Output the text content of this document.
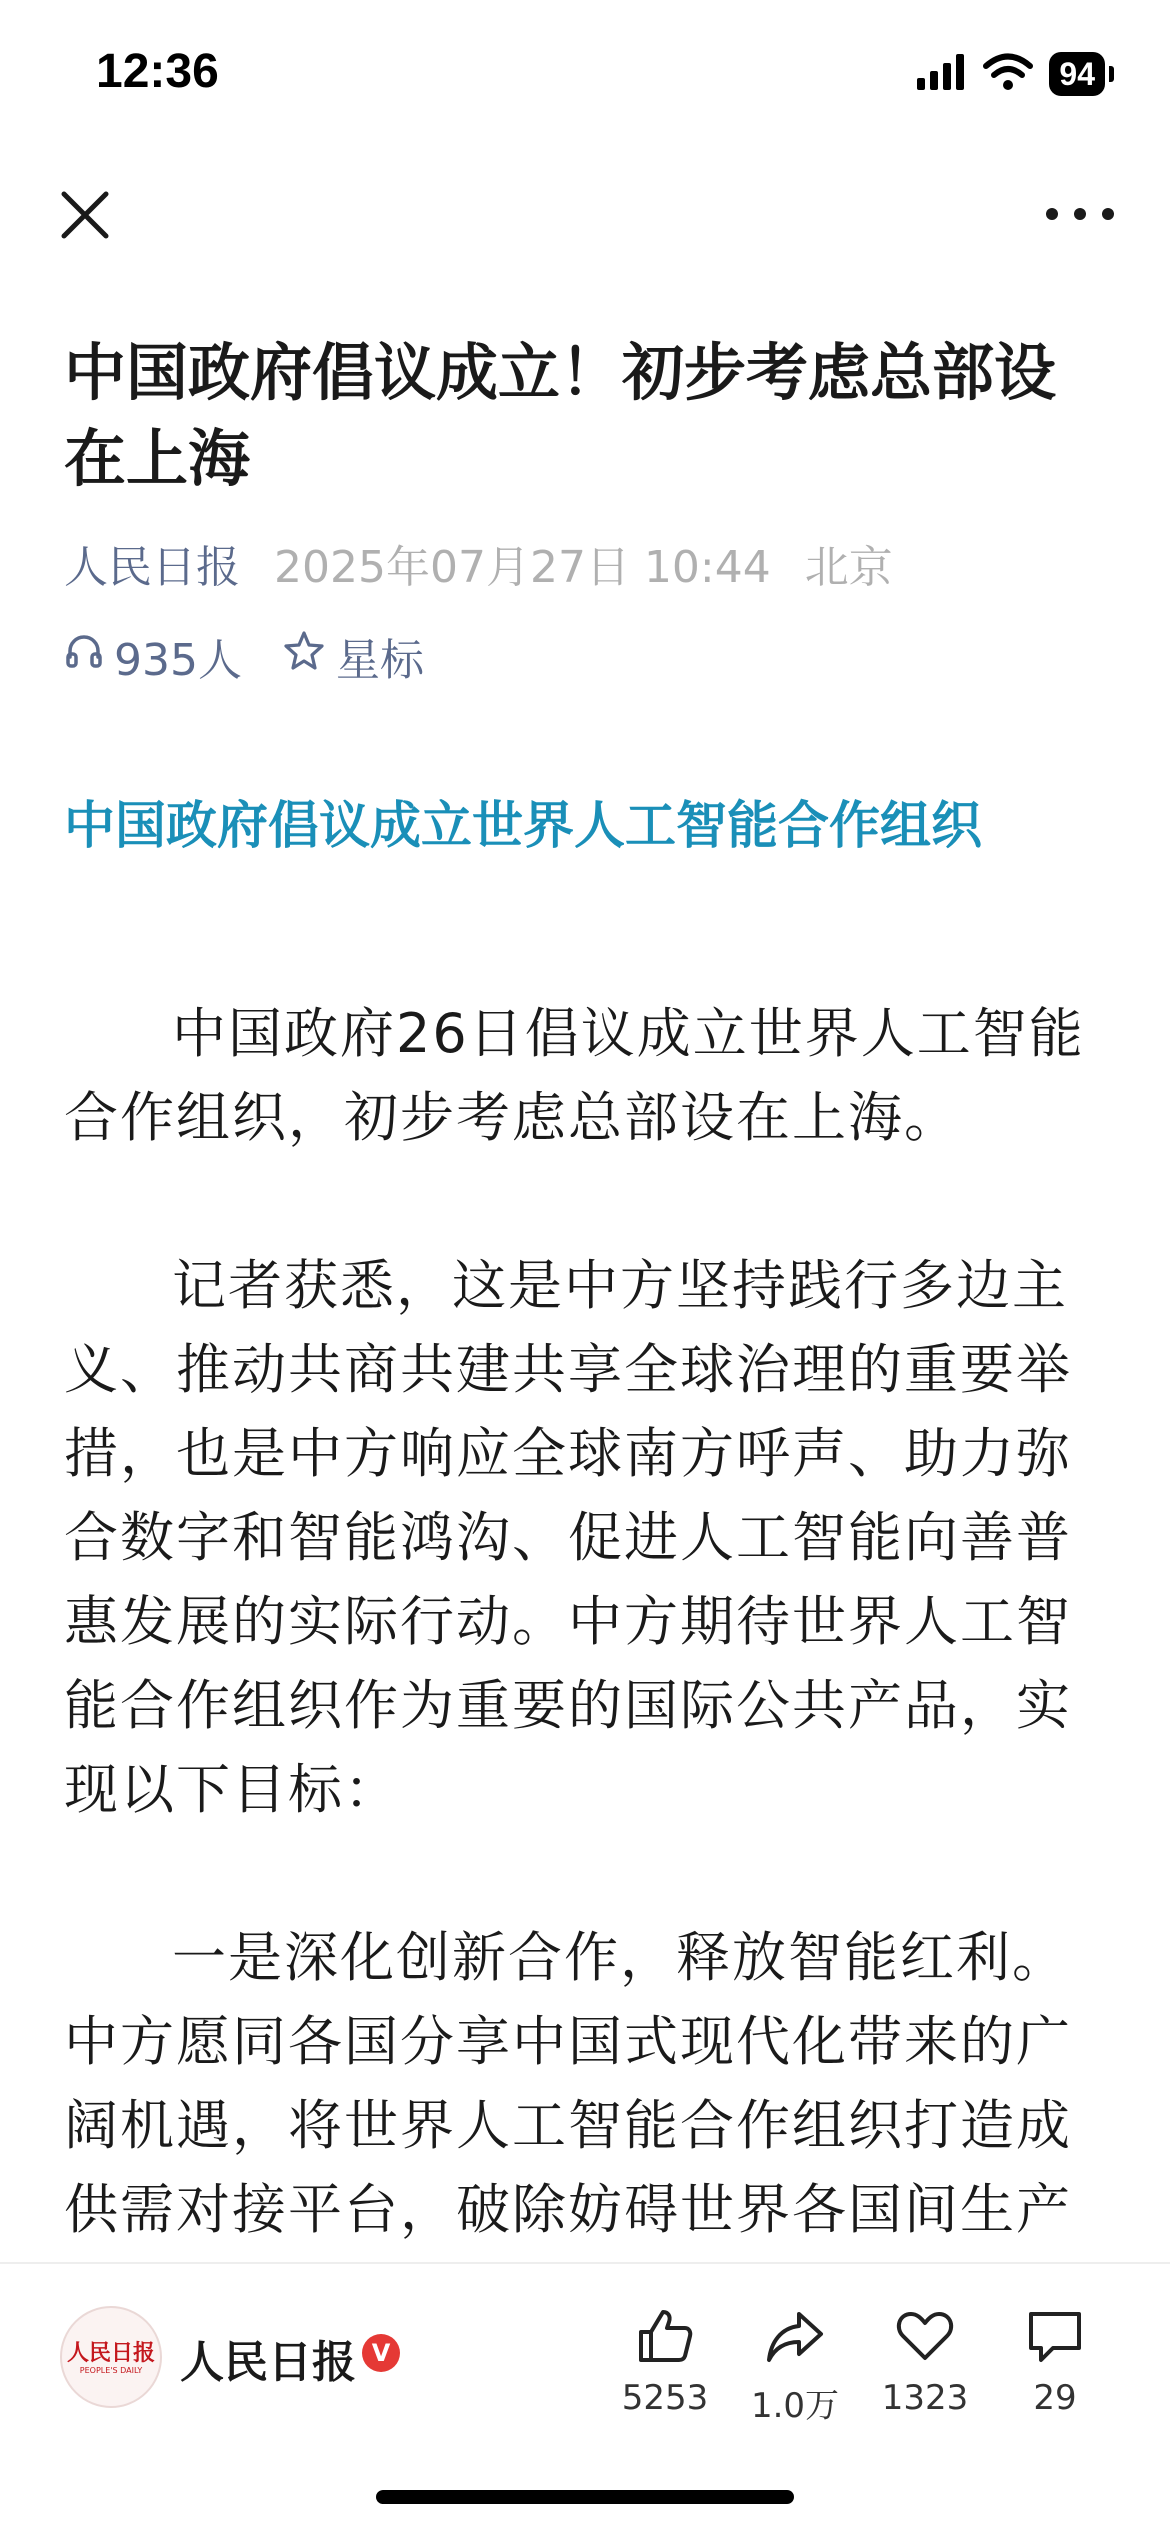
12:36	94
中国政府倡议成立！初步考虑总部设在上海
人民日报 2025年07月27日 10:44 北京
935人 星标
中国政府倡议成立世界人工智能合作组织

中国政府26日倡议成立世界人工智能合作组织，初步考虑总部设在上海。

记者获悉，这是中方坚持践行多边主义、推动共商共建共享全球治理的重要举措，也是中方响应全球南方呼声、助力弥合数字和智能鸿沟、促进人工智能向善普惠发展的实际行动。中方期待世界人工智能合作组织作为重要的国际公共产品，实现以下目标：

一是深化创新合作，释放智能红利。中方愿同各国分享中国式现代化带来的广阔机遇，将世界人工智能合作组织打造成供需对接平台，破除妨碍世界各国间生产

人民日报
PEOPLE'S DAILY 人民日报 V
5253	1.0万	1323	29
